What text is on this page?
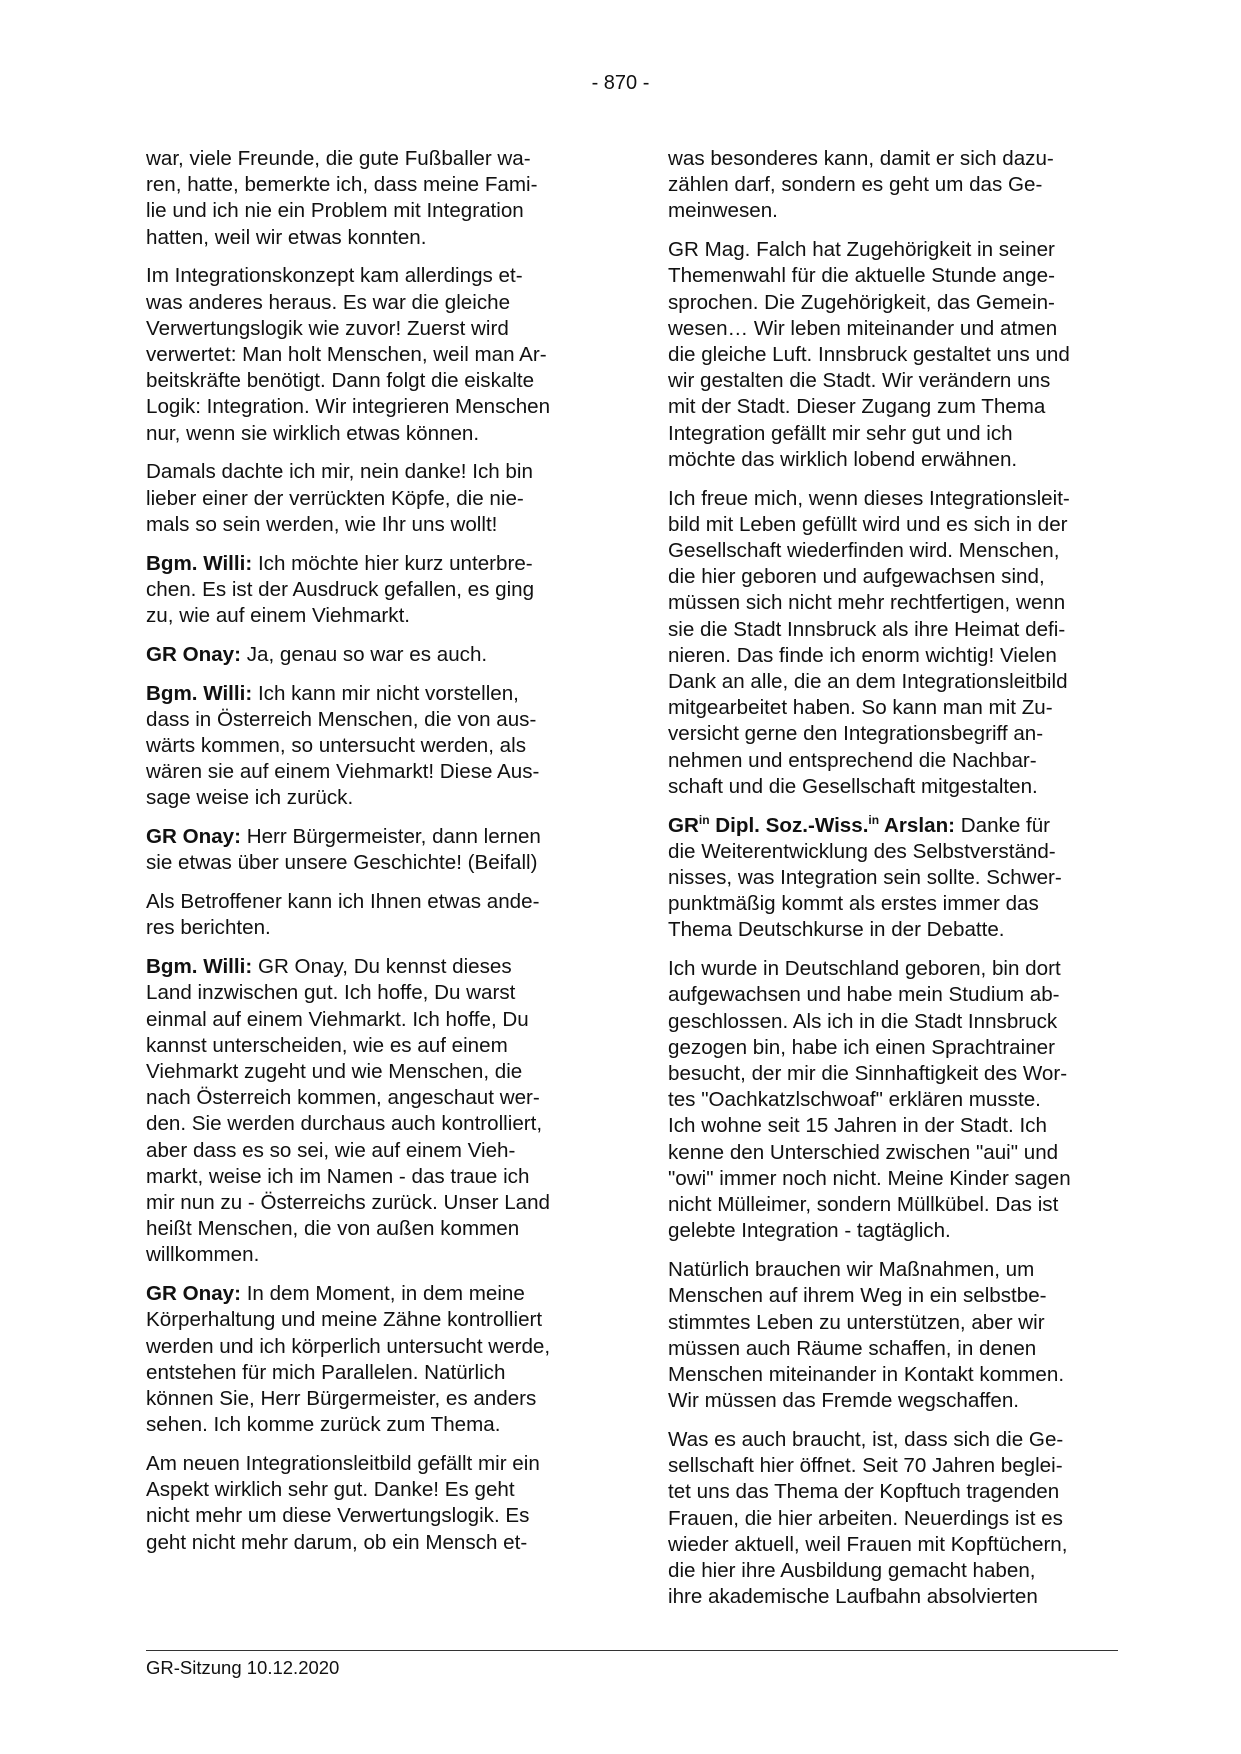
- 870 -

war, viele Freunde, die gute Fußballer wa-
ren, hatte, bemerkte ich, dass meine Fami-
lie und ich nie ein Problem mit Integration
hatten, weil wir etwas konnten.

Im Integrationskonzept kam allerdings et-
was anderes heraus. Es war die gleiche
Verwertungslogik wie zuvor! Zuerst wird
verwertet: Man holt Menschen, weil man Ar-
beitskräfte benötigt. Dann folgt die eiskalte
Logik: Integration. Wir integrieren Menschen
nur, wenn sie wirklich etwas können.

Damals dachte ich mir, nein danke! Ich bin
lieber einer der verrückten Köpfe, die nie-
mals so sein werden, wie Ihr uns wollt!

Bgm. Willi: Ich möchte hier kurz unterbre-
chen. Es ist der Ausdruck gefallen, es ging
zu, wie auf einem Viehmarkt.

GR Onay: Ja, genau so war es auch.

Bgm. Willi: Ich kann mir nicht vorstellen,
dass in Österreich Menschen, die von aus-
wärts kommen, so untersucht werden, als
wären sie auf einem Viehmarkt! Diese Aus-
sage weise ich zurück.

GR Onay: Herr Bürgermeister, dann lernen
sie etwas über unsere Geschichte! (Beifall)

Als Betroffener kann ich Ihnen etwas ande-
res berichten.

Bgm. Willi: GR Onay, Du kennst dieses
Land inzwischen gut. Ich hoffe, Du warst
einmal auf einem Viehmarkt. Ich hoffe, Du
kannst unterscheiden, wie es auf einem
Viehmarkt zugeht und wie Menschen, die
nach Österreich kommen, angeschaut wer-
den. Sie werden durchaus auch kontrolliert,
aber dass es so sei, wie auf einem Vieh-
markt, weise ich im Namen - das traue ich
mir nun zu - Österreichs zurück. Unser Land
heißt Menschen, die von außen kommen
willkommen.

GR Onay: In dem Moment, in dem meine
Körperhaltung und meine Zähne kontrolliert
werden und ich körperlich untersucht werde,
entstehen für mich Parallelen. Natürlich
können Sie, Herr Bürgermeister, es anders
sehen. Ich komme zurück zum Thema.

Am neuen Integrationsleitbild gefällt mir ein
Aspekt wirklich sehr gut. Danke! Es geht
nicht mehr um diese Verwertungslogik. Es
geht nicht mehr darum, ob ein Mensch et-

was besonderes kann, damit er sich dazu-
zählen darf, sondern es geht um das Ge-
meinwesen.

GR Mag. Falch hat Zugehörigkeit in seiner
Themenwahl für die aktuelle Stunde ange-
sprochen. Die Zugehörigkeit, das Gemein-
wesen… Wir leben miteinander und atmen
die gleiche Luft. Innsbruck gestaltet uns und
wir gestalten die Stadt. Wir verändern uns
mit der Stadt. Dieser Zugang zum Thema
Integration gefällt mir sehr gut und ich
möchte das wirklich lobend erwähnen.

Ich freue mich, wenn dieses Integrationsleit-
bild mit Leben gefüllt wird und es sich in der
Gesellschaft wiederfinden wird. Menschen,
die hier geboren und aufgewachsen sind,
müssen sich nicht mehr rechtfertigen, wenn
sie die Stadt Innsbruck als ihre Heimat defi-
nieren. Das finde ich enorm wichtig! Vielen
Dank an alle, die an dem Integrationsleitbild
mitgearbeitet haben. So kann man mit Zu-
versicht gerne den Integrationsbegriff an-
nehmen und entsprechend die Nachbar-
schaft und die Gesellschaft mitgestalten.

$GR^{in}$ Dipl. Soz.-Wiss.$^{in}$ Arslan: Danke für
die Weiterentwicklung des Selbstverständ-
nisses, was Integration sein sollte. Schwer-
punktmäßig kommt als erstes immer das
Thema Deutschkurse in der Debatte.

Ich wurde in Deutschland geboren, bin dort
aufgewachsen und habe mein Studium ab-
geschlossen. Als ich in die Stadt Innsbruck
gezogen bin, habe ich einen Sprachtrainer
besucht, der mir die Sinnhaftigkeit des Wor-
tes "Oachkatzlschwoaf" erklären musste.
Ich wohne seit 15 Jahren in der Stadt. Ich
kenne den Unterschied zwischen "aui" und
"owi" immer noch nicht. Meine Kinder sagen
nicht Mülleimer, sondern Müllkübel. Das ist
gelebte Integration - tagtäglich.

Natürlich brauchen wir Maßnahmen, um
Menschen auf ihrem Weg in ein selbstbe-
stimmtes Leben zu unterstützen, aber wir
müssen auch Räume schaffen, in denen
Menschen miteinander in Kontakt kommen.
Wir müssen das Fremde wegschaffen.

Was es auch braucht, ist, dass sich die Ge-
sellschaft hier öffnet. Seit 70 Jahren beglei-
tet uns das Thema der Kopftuch tragenden
Frauen, die hier arbeiten. Neuerdings ist es
wieder aktuell, weil Frauen mit Kopftüchern,
die hier ihre Ausbildung gemacht haben,
ihre akademische Laufbahn absolvierten

GR-Sitzung 10.12.2020
